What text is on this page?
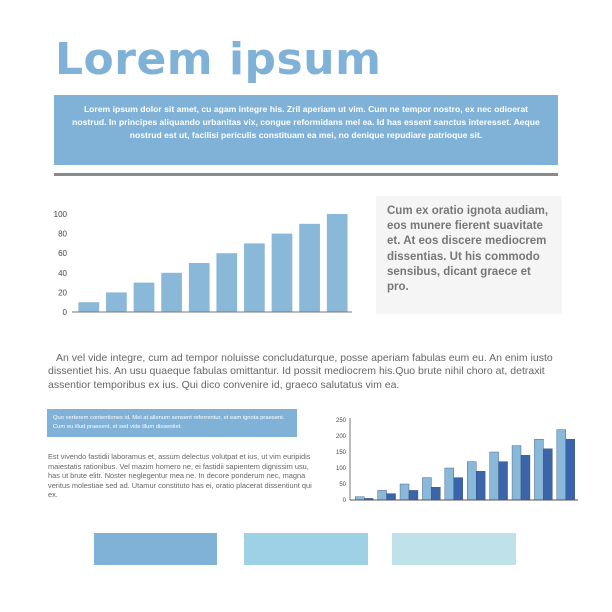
Lorem ipsum

Lorem ipsum dolor sit amet, cu agam integre his. Zril aperiam ut vim. Cum ne tempor nostro, ex nec odioerat nostrud. In principes aliquando urbanitas vix, congue reformidans mel ea. Id has essent sanctus interesset. Aeque nostrud est ut, facilisi periculis constituam ea mei, no denique repudiare patrioque sit.

0
20
40
60
80
100	Cum ex oratio ignota audiam, eos munere fierent suavitate et. At eos discere mediocrem dissentias. Ut his commodo sensibus, dicant graece et pro.

An vel vide integre, cum ad tempor noluisse concludaturque, posse aperiam fabulas eum eu. An enim iusto dissentiet his. An usu quaeque fabulas omittantur. Id possit mediocrem his.Quo brute nihil choro at, detraxit assentior temporibus ex ius. Qui dico convenire id, graeco salutatus vim ea.

Quo verterem contentiones id. Mel at alienum sensent referrentur, et eam ignota praesent. Cum eu illud praesent, et sed vide illum dissentiet.

Est vivendo fastidii laboramus et, assum delectus volutpat et ius, ut vim euripidis maiestatis rationibus. Vel mazim homero ne, ei fastidii sapientem dignissim usu, has ut brute elitr. Noster neglegentur mea ne. In decore ponderum nec, magna veritus molestiae sed ad. Utamur constituto has ei, oratio placerat dissentiunt qui ex.

0
50
100
150
200
250
